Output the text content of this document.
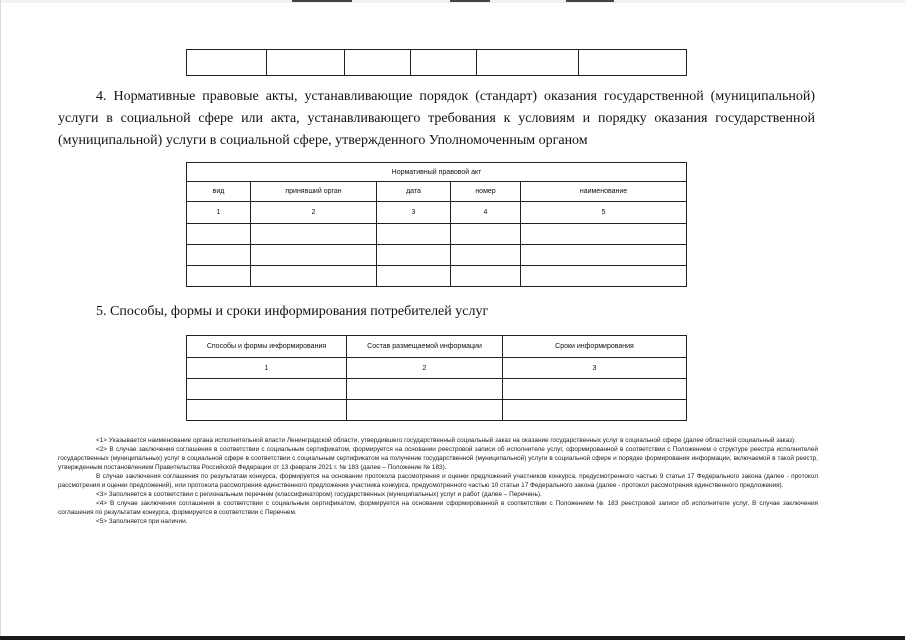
4. Нормативные правовые акты, устанавливающие порядок (стандарт) оказания государственной (муниципальной) услуги в социальной сфере или акта, устанавливающего требования к условиям и порядку оказания государственной (муниципальной) услуги в социальной сфере, утвержденного Уполномоченным органом
Нормативный правовой акт				
вид	принявший орган	дата	номер	наименование
1	2	3	4	5

5. Способы, формы и сроки информирования потребителей услуг
Способы и формы информирования	Состав размещаемой информации	Сроки информирования
1	2	3

<1> Указывается наименование органа исполнительной власти Ленинградской области, утвердившего государственный социальный заказ на оказание государственных услуг в социальной сфере (далее областной социальный заказ).

<2> В случае заключения соглашения в соответствии с социальным сертификатом, формируется на основании реестровой записи об исполнителе услуг, сформированной в соответствии с Положением о структуре реестра исполнителей государственных (муниципальных) услуг в социальной сфере в соответствии с социальным сертификатом на получение государственной (муниципальной) услуги в социальной сфере и порядке формирования информации, включаемой в такой реестр, утвержденным постановлением Правительства Российской Федерации от 13 февраля 2021 г. № 183 (далее – Положение № 183).

В случае заключения соглашения по результатам конкурса, формируется на основании протокола рассмотрения и оценки предложений участников конкурса, предусмотренного частью 9 статьи 17 Федерального закона (далее - протокол рассмотрения и оценки предложений), или протокола рассмотрения единственного предложения участника конкурса, предусмотренного частью 10 статьи 17 Федерального закона (далее - протокол рассмотрения единственного предложения).

<3> Заполняется в соответствии с региональным перечнем (классификатором) государственных (муниципальных) услуг и работ (далее – Перечень).

<4> В случае заключения соглашения в соответствии с социальным сертификатом, формируется на основании сформированной в соответствии с Положением № 183 реестровой записи об исполнителе услуг. В случае заключения соглашения по результатам конкурса, формируется в соответствии с Перечнем.

<5> Заполняется при наличии.
